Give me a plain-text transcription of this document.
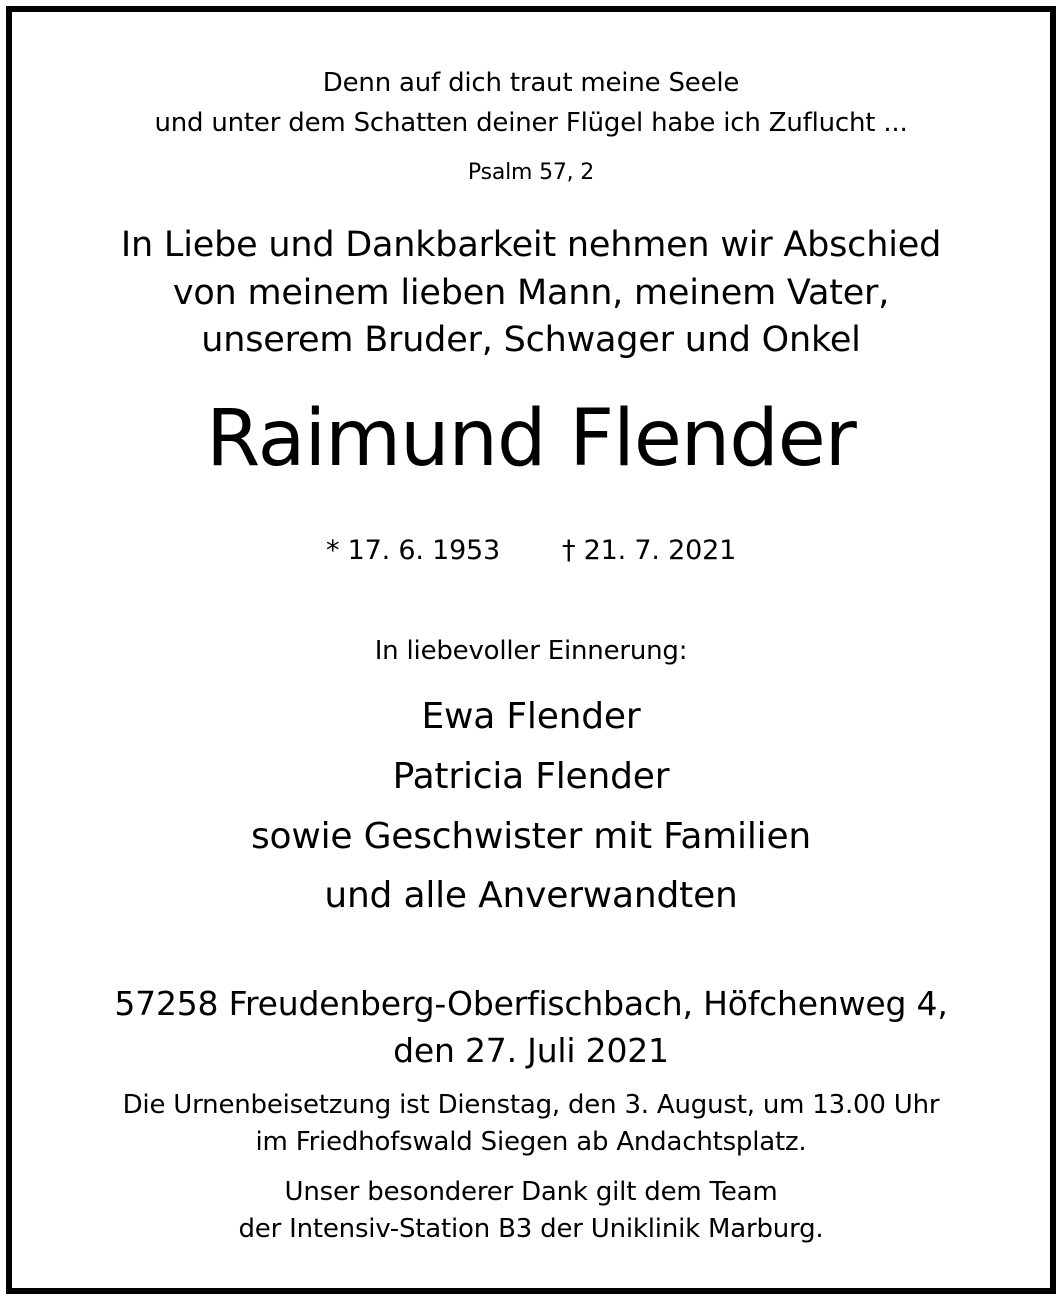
Denn auf dich traut meine Seele
und unter dem Schatten deiner Flügel habe ich Zuflucht ...
Psalm 57, 2
In Liebe und Dankbarkeit nehmen wir Abschied
von meinem lieben Mann, meinem Vater,
unserem Bruder, Schwager und Onkel
Raimund Flender
* 17. 6. 1953 † 21. 7. 2021
In liebevoller Einnerung:
Ewa Flender
Patricia Flender
sowie Geschwister mit Familien
und alle Anverwandten
57258 Freudenberg-Oberfischbach, Höfchenweg 4,
den 27. Juli 2021
Die Urnenbeisetzung ist Dienstag, den 3. August, um 13.00 Uhr
im Friedhofswald Siegen ab Andachtsplatz.
Unser besonderer Dank gilt dem Team
der Intensiv-Station B3 der Uniklinik Marburg.
